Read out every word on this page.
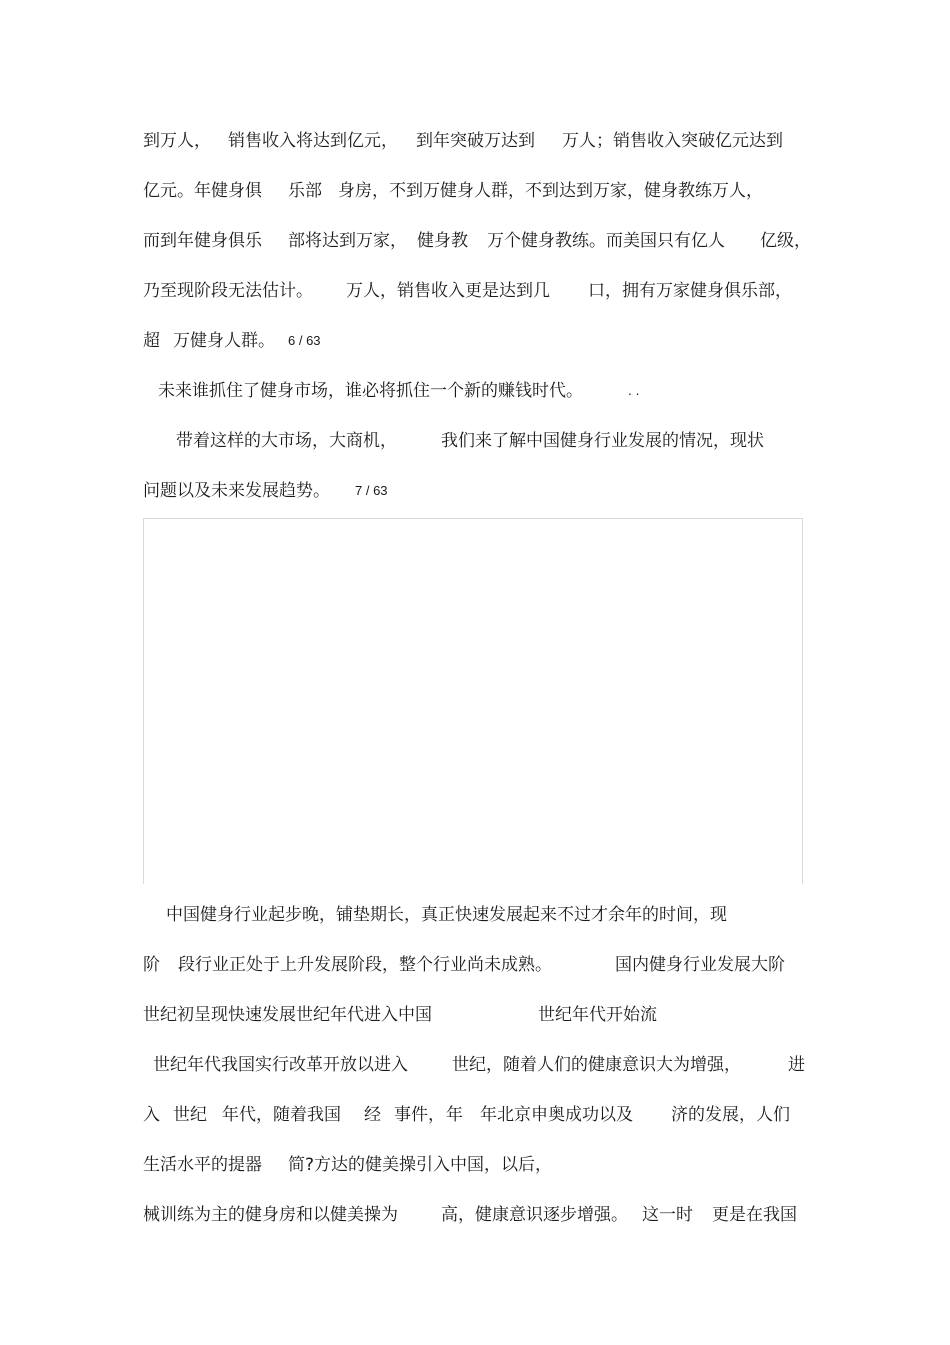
到万人， 销售收入将达到亿元， 到年突破万达到 万人；销售收入突破亿元达到
亿元。年健身俱 乐部 身房，不到万健身人群，不到达到万家，健身教练万人，
而到年健身俱乐 部将达到万家， 健身教 万个健身教练。而美国只有亿人 亿级，
乃至现阶段无法估计。 万人，销售收入更是达到几 口，拥有万家健身俱乐部，
超 万健身人群。 6 / 63
未来谁抓住了健身市场，谁必将抓住一个新的赚钱时代。	. .
带着这样的大市场，大商机，	我们来了解中国健身行业发展的情况，现状
问题以及未来发展趋势。 7 / 63
中国健身行业起步晚，铺垫期长，真正快速发展起来不过才余年的时间，现
阶 段行业正处于上升发展阶段，整个行业尚未成熟。	国内健身行业发展大阶
世纪初呈现快速发展世纪年代进入中国	世纪年代开始流
世纪年代我国实行改革开放以进入	世纪，随着人们的健康意识大为增强，	进
入 世纪 年代，随着我国 经 事件， 年 年北京申奥成功以及 济的发展，人们
生活水平的提器 简?方达的健美操引入中国，以后，
械训练为主的健身房和以健美操为	高，健康意识逐步增强。 这一时 更是在我国
